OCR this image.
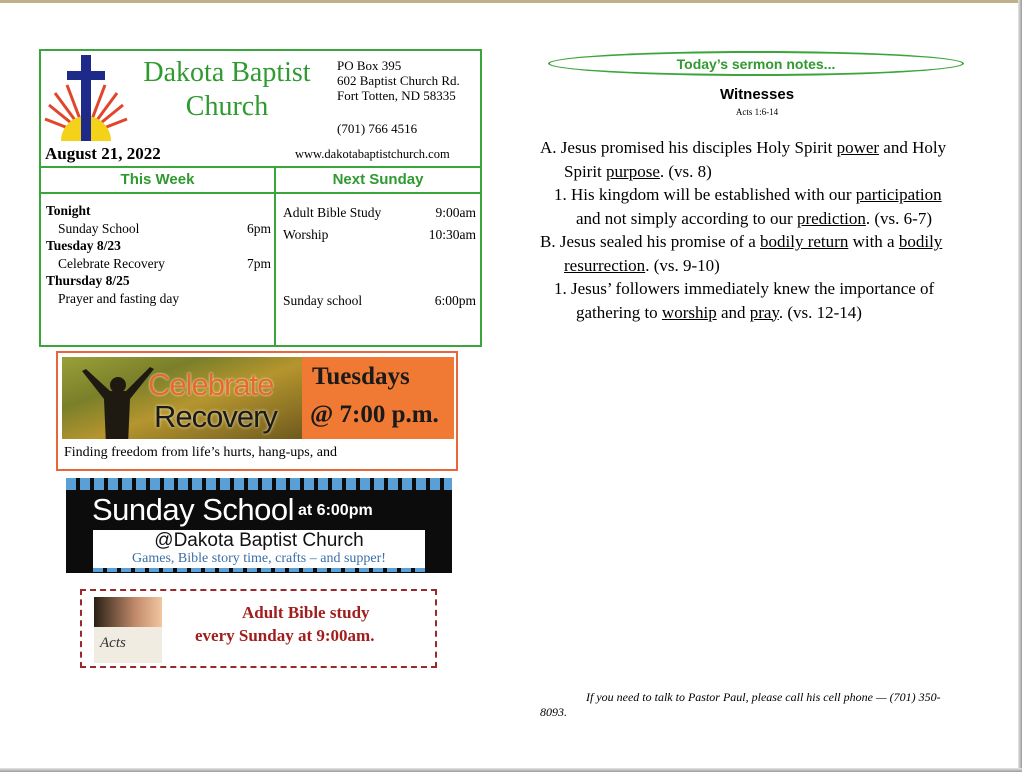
Dakota Baptist
Church
PO Box 395
602 Baptist Church Rd.
Fort Totten, ND 58335
(701) 766 4516
August 21, 2022	www.dakotabaptistchurch.com
This Week	Next Sunday
Tonight
Sunday School	6pm
Tuesday 8/23
Celebrate Recovery	7pm
Thursday 8/25
Prayer and fasting day
Adult Bible Study	9:00am
Worship	10:30am
Sunday school	6:00pm
Celebrate
Recovery
Tuesdays
@ 7:00 p.m.
Finding freedom from life’s hurts, hang-ups, and
Sunday School at 6:00pm
@Dakota Baptist Church
Games, Bible story time, crafts – and supper!
Acts
Adult Bible study
every Sunday at 9:00am.
Today’s sermon notes...
Witnesses
Acts 1:6-14
A. Jesus promised his disciples Holy Spirit power and Holy Spirit purpose. (vs. 8)
1. His kingdom will be established with our participation and not simply according to our prediction. (vs. 6-7)
B. Jesus sealed his promise of a bodily return with a bodily resurrection. (vs. 9-10)
1. Jesus’ followers immediately knew the importance of gathering to worship and pray. (vs. 12-14)
If you need to talk to Pastor Paul, please call his cell phone — (701) 350-8093.
